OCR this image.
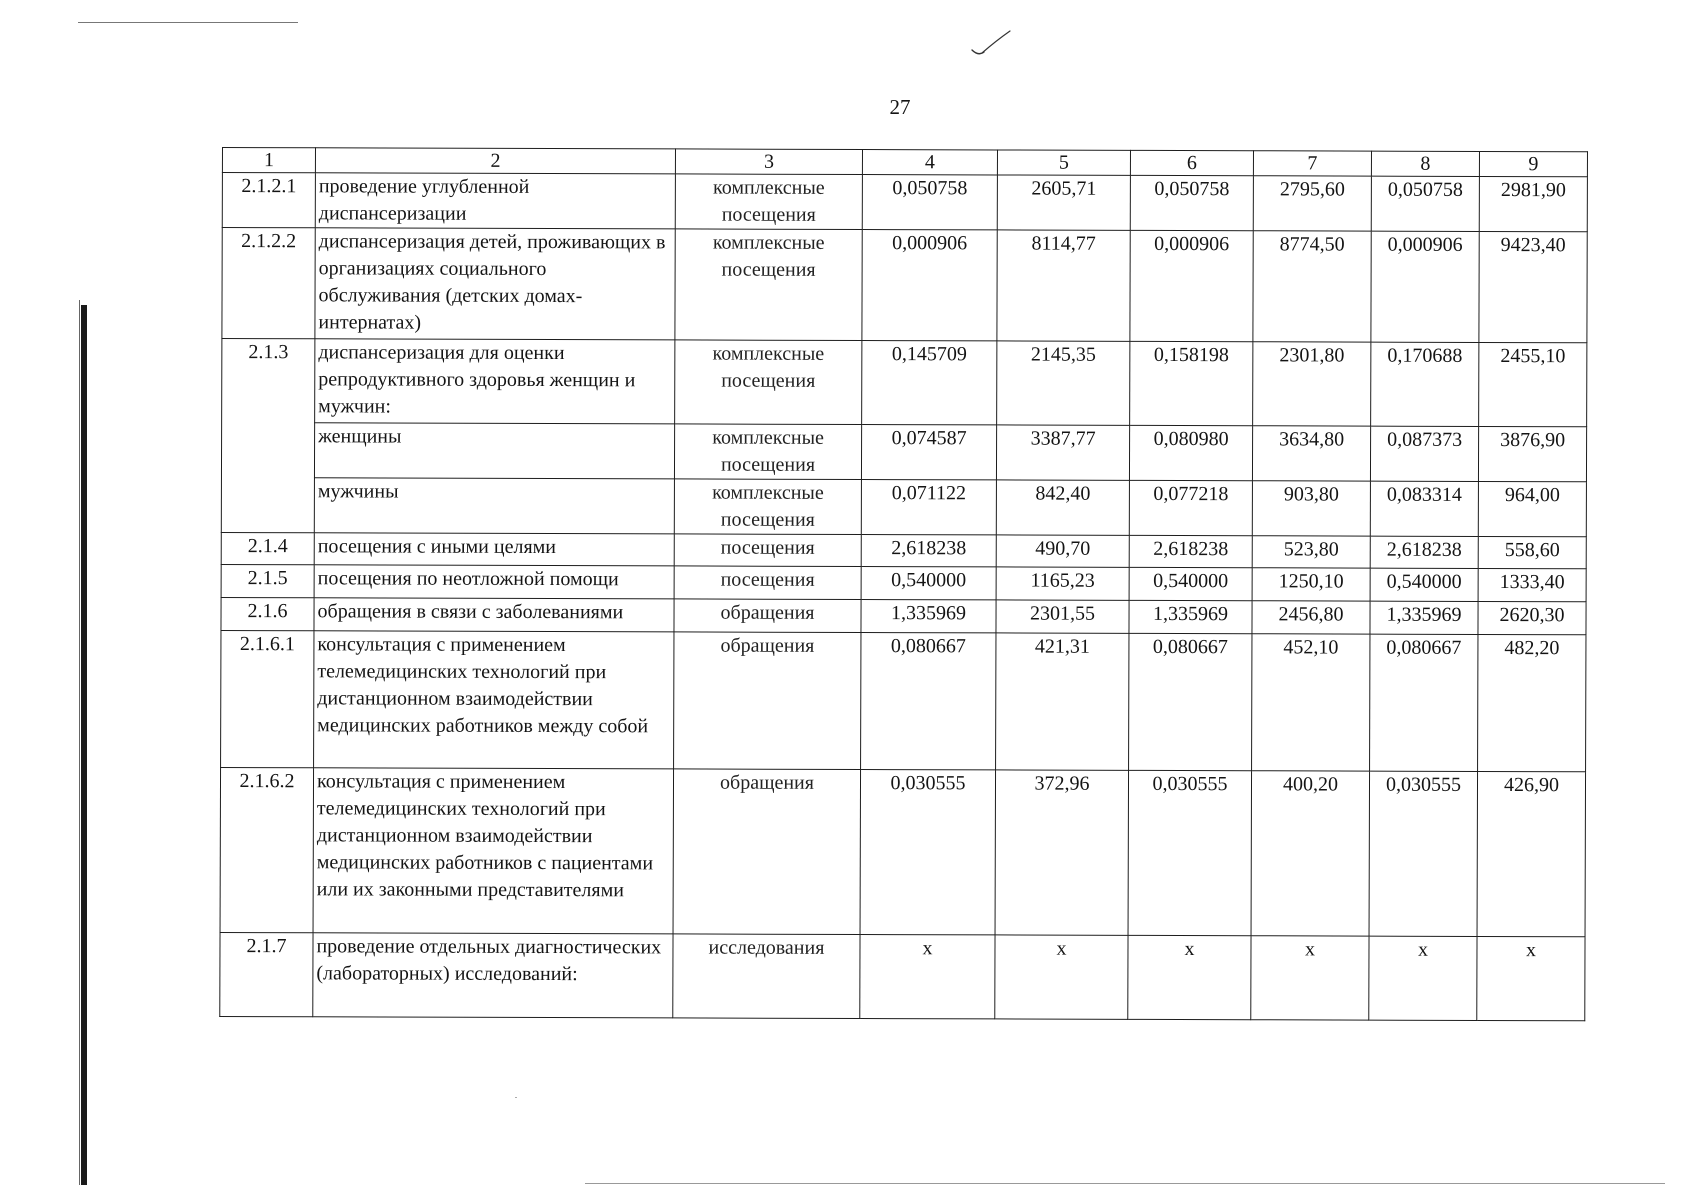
27
1	2	3	4	5	6	7	8	9
2.1.2.1	проведение углубленной диспансеризации	комплексные посещения	0,050758	2605,71	0,050758	2795,60	0,050758	2981,90
2.1.2.2	диспансеризация детей, проживающих в организациях социального обслуживания (детских домах-интернатах)	комплексные посещения	0,000906	8114,77	0,000906	8774,50	0,000906	9423,40
2.1.3	диспансеризация для оценки репродуктивного здоровья женщин и мужчин:	комплексные посещения	0,145709	2145,35	0,158198	2301,80	0,170688	2455,10
	женщины	комплексные посещения	0,074587	3387,77	0,080980	3634,80	0,087373	3876,90
	мужчины	комплексные посещения	0,071122	842,40	0,077218	903,80	0,083314	964,00
2.1.4	посещения с иными целями	посещения	2,618238	490,70	2,618238	523,80	2,618238	558,60
2.1.5	посещения по неотложной помощи	посещения	0,540000	1165,23	0,540000	1250,10	0,540000	1333,40
2.1.6	обращения в связи с заболеваниями	обращения	1,335969	2301,55	1,335969	2456,80	1,335969	2620,30
2.1.6.1	консультация с применением телемедицинских технологий при дистанционном взаимодействии медицинских работников между собой	обращения	0,080667	421,31	0,080667	452,10	0,080667	482,20
2.1.6.2	консультация с применением телемедицинских технологий при дистанционном взаимодействии медицинских работников с пациентами или их законными представителями	обращения	0,030555	372,96	0,030555	400,20	0,030555	426,90
2.1.7	проведение отдельных диагностических (лабораторных) исследований:	исследования	х	х	х	х	х	х
